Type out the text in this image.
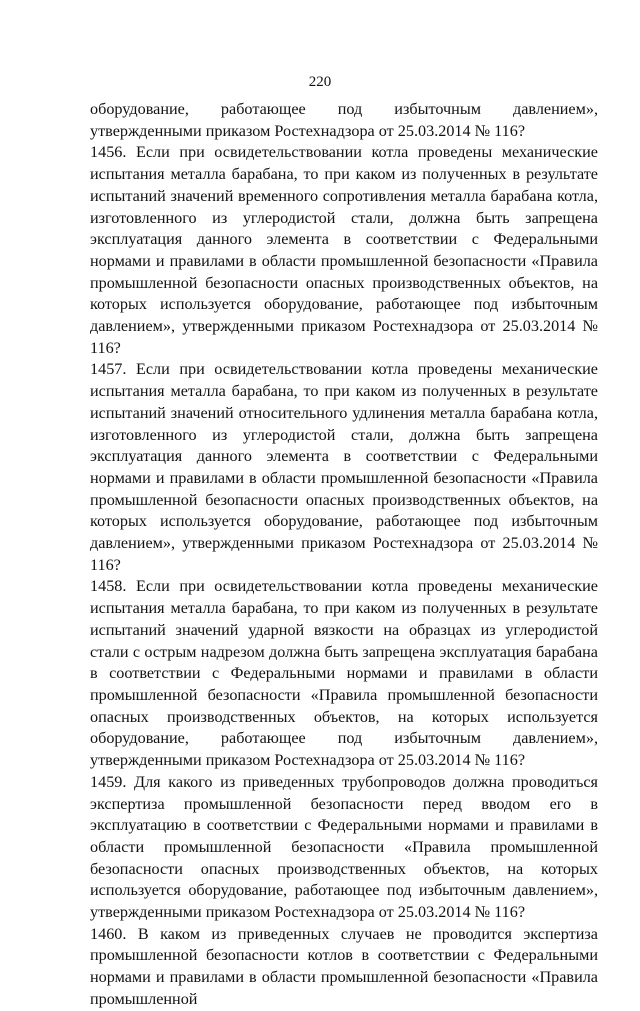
220

оборудование, работающее под избыточным давлением», утвержденными приказом Ростехнадзора от 25.03.2014 № 116?

1456. Если при освидетельствовании котла проведены механические испытания металла барабана, то при каком из полученных в результате испытаний значений временного сопротивления металла барабана котла, изготовленного из углеродистой стали, должна быть запрещена эксплуатация данного элемента в соответствии с Федеральными нормами и правилами в области промышленной безопасности «Правила промышленной безопасности опасных производственных объектов, на которых используется оборудование, работающее под избыточным давлением», утвержденными приказом Ростехнадзора от 25.03.2014 № 116?

1457. Если при освидетельствовании котла проведены механические испытания металла барабана, то при каком из полученных в результате испытаний значений относительного удлинения металла барабана котла, изготовленного из углеродистой стали, должна быть запрещена эксплуатация данного элемента в соответствии с Федеральными нормами и правилами в области промышленной безопасности «Правила промышленной безопасности опасных производственных объектов, на которых используется оборудование, работающее под избыточным давлением», утвержденными приказом Ростехнадзора от 25.03.2014 № 116?

1458. Если при освидетельствовании котла проведены механические испытания металла барабана, то при каком из полученных в результате испытаний значений ударной вязкости на образцах из углеродистой стали с острым надрезом должна быть запрещена эксплуатация барабана в соответствии с Федеральными нормами и правилами в области промышленной безопасности «Правила промышленной безопасности опасных производственных объектов, на которых используется оборудование, работающее под избыточным давлением», утвержденными приказом Ростехнадзора от 25.03.2014 № 116?

1459. Для какого из приведенных трубопроводов должна проводиться экспертиза промышленной безопасности перед вводом его в эксплуатацию в соответствии с Федеральными нормами и правилами в области промышленной безопасности «Правила промышленной безопасности опасных производственных объектов, на которых используется оборудование, работающее под избыточным давлением», утвержденными приказом Ростехнадзора от 25.03.2014 № 116?

1460. В каком из приведенных случаев не проводится экспертиза промышленной безопасности котлов в соответствии с Федеральными нормами и правилами в области промышленной безопасности «Правила промышленной
